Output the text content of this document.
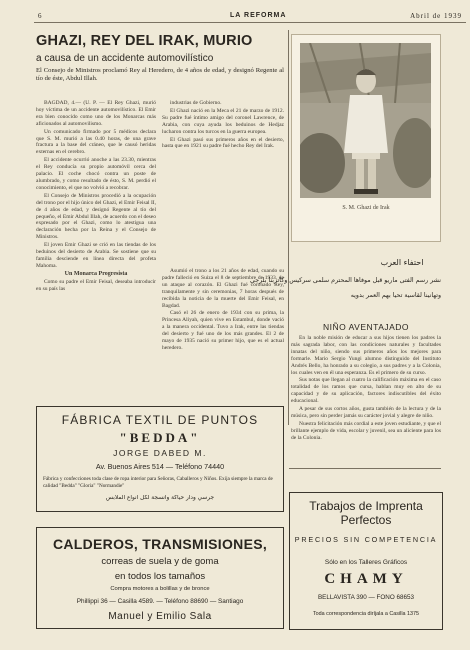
6	LA REFORMA	Abril de 1939
GHAZI, REY DEL IRAK, MURIO
a causa de un accidente automovilístico
El Consejo de Ministros proclamó Rey al Heredero, de 4 años de edad, y designó Regente al tío de éste, Abdul Illah.

BAGDAD, 4.— (U. P. — El Rey Ghazi, murió hoy víctima de un accidente automovilístico. El Emir era bien conocido como uno de los Monarcas más aficionados al automovilismo.

Un comunicado firmado por 5 médicos declara que S. M. murió a las 0.40 horas, de una grave fractura a la base del cráneo, que le causó heridas externas en el cerebro.

El accidente ocurrió anoche a las 23.30, mientras el Rey conducía su propio automóvil cerca del palacio. El coche chocó contra un poste de alumbrado, y como resultado de ésto, S. M. perdió el conocimiento, el que no volvió a recobrar.

El Consejo de Ministros procedió a la ocupación del trono por el hijo único del Ghazi, el Emir Feisal II, de 4 años de edad, y designó Regente al tío del pequeño, el Emir Abdul Illah, de acuerdo con el deseo expresado por el Ghazi, como lo atestigua una declaración hecha por la Reina y el Consejo de Ministros.

El joven Emir Ghazi se crió en las tiendas de los beduinos del desierto de Arabia. Se sostiene que su familia desciende en línea directa del profeta Mahoma.

Un Monarca Progresista

Como su padre el Emir Feisal, deseaba introducir en su país las

industrias de Gobierno.

El Ghazi nació en la Meca el 21 de marzo de 1912. Su padre fué íntimo amigo del coronel Lawrence, de Arabia, con cuya ayuda los beduinos de Hedjaz lucharon contra los turcos en la guerra europea.

El Ghazi pasó sus primeros años en el desierto, hasta que en 1921 su padre fué hecho Rey del Irak.

Asumió el trono a los 21 años de edad, cuando su padre falleció en Suiza el 8 de septiembre de 1933, de un ataque al corazón. El Ghazi fué coronado Rey, tranquilamente y sin ceremonias, 7 horas después de recibida la noticia de la muerte del Emir Feisal, en Bagdad.

Casó el 26 de enero de 1934 con su prima, la Princesa Aliyah, quien vive en Estambul, donde vació a la manera occidental. Tuvo a Irak, entre las tiendas del desierto y fué uno de los más grandes. El 2 de mayo de 1935 nació su primer hijo, que es el actual heredero.

S. M. Ghazi de Irak
احتفاء العرب
نشر رسم الفتى ماريو قبل موفاها المحترم سلمى سركيس وكاتربنا بلرجى
وتهانينا لقاسية تحيا بهم العمر بدويه
NIÑO AVENTAJADO

En la noble misión de educar a sus hijos tienen los padres la más sagrada labor, con las condiciones naturales y facultades innatas del niño, siendo sus primeros años los mejores para formarle. Mario Sergio Yungi alumno distinguido del Instituto Andrés Bello, ha honrado a su colegio, a sus padres y a la Colonia, los cuales ven en él una esperanza. Es el primero de su curso.

Sus notas que llegan al cuatro la calificación máxima en el caso totalidad de los ramos que cursa, hablan muy en alto de su capacidad y de su aplicación, factores indiscutibles del éxito educacional.

A pesar de sus cortos años, gusta también de la lectura y de la música, pero sin perder jamás su carácter jovial y alegre de niño.

Nuestra felicitación más cordial a este joven estudiante, y que el brillante ejemplo de vida, escolar y juvenil, sea un aliciente para los de la Colonia.

FÁBRICA TEXTIL DE PUNTOS
"BEDDA"
JORGE DABED M.
Av. Buenos Aires 514 — Teléfono 74440
Fábrica y confecciones toda clase de ropa interior para Señoras, Caballeros y Niños. Exija siempre la marca de calidad "Bedda" "Gloria" "Normandie"
جرسي ودار حياكة وانسجة لكل انواع الملابس
CALDEROS, TRANSMISIONES,
correas de suela y de goma
en todos los tamaños
Compra motores a bolillas y de bronce
Phillippi 36 — Casilla 4589. — Teléfono 88690 — Santiago
Manuel y Emilio Sala
Trabajos de Imprenta Perfectos
PRECIOS SIN COMPETENCIA
Sólo en los Talleres Gráficos
CHAMY
BELLAVISTA 390 — FONO 68653
Toda correspondencia diríjala a Casilla 1375
